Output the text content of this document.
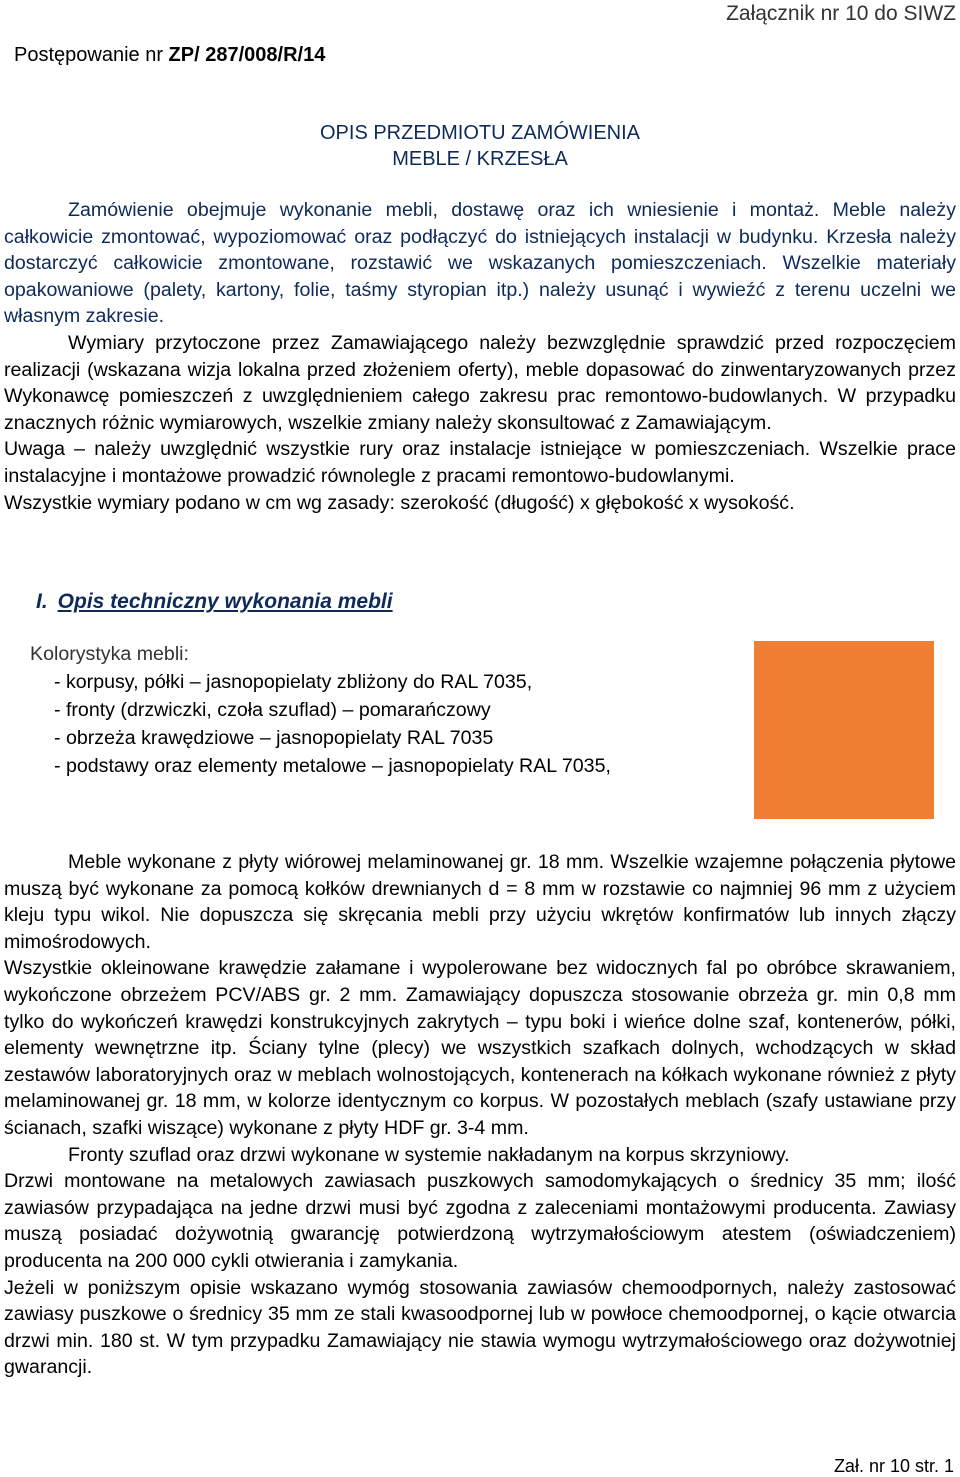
Postępowanie nr ZP/ 287/008/R/14
Załącznik nr 10 do SIWZ
OPIS PRZEDMIOTU ZAMÓWIENIA
MEBLE / KRZESŁA

Zamówienie obejmuje wykonanie mebli, dostawę oraz ich wniesienie i montaż. Meble należy całkowicie zmontować, wypoziomować oraz podłączyć do istniejących instalacji w budynku. Krzesła należy dostarczyć całkowicie zmontowane, rozstawić we wskazanych pomieszczeniach. Wszelkie materiały opakowaniowe (palety, kartony, folie, taśmy styropian itp.) należy usunąć i wywieźć z terenu uczelni we własnym zakresie.

Wymiary przytoczone przez Zamawiającego należy bezwzględnie sprawdzić przed rozpoczęciem realizacji (wskazana wizja lokalna przed złożeniem oferty), meble dopasować do zinwentaryzowanych przez Wykonawcę pomieszczeń z uwzględnieniem całego zakresu prac remontowo-budowlanych. W przypadku znacznych różnic wymiarowych, wszelkie zmiany należy skonsultować z Zamawiającym.

Uwaga – należy uwzględnić wszystkie rury oraz instalacje istniejące w pomieszczeniach. Wszelkie prace instalacyjne i montażowe prowadzić równolegle z pracami remontowo-budowlanymi.

Wszystkie wymiary podano w cm wg zasady: szerokość (długość) x głębokość x wysokość.

I. Opis techniczny wykonania mebli
Kolorystyka mebli:
- korpusy, półki – jasnopopielaty zbliżony do RAL 7035,
- fronty (drzwiczki, czoła szuflad) – pomarańczowy
- obrzeża krawędziowe – jasnopopielaty RAL 7035
- podstawy oraz elementy metalowe – jasnopopielaty RAL 7035,

Meble wykonane z płyty wiórowej melaminowanej gr. 18 mm. Wszelkie wzajemne połączenia płytowe muszą być wykonane za pomocą kołków drewnianych d = 8 mm w rozstawie co najmniej 96 mm z użyciem kleju typu wikol. Nie dopuszcza się skręcania mebli przy użyciu wkrętów konfirmatów lub innych złączy mimośrodowych.

Wszystkie okleinowane krawędzie załamane i wypolerowane bez widocznych fal po obróbce skrawaniem, wykończone obrzeżem PCV/ABS gr. 2 mm. Zamawiający dopuszcza stosowanie obrzeża gr. min 0,8 mm tylko do wykończeń krawędzi konstrukcyjnych zakrytych – typu boki i wieńce dolne szaf, kontenerów, półki, elementy wewnętrzne itp. Ściany tylne (plecy) we wszystkich szafkach dolnych, wchodzących w skład zestawów laboratoryjnych oraz w meblach wolnostojących, kontenerach na kółkach wykonane również z płyty melaminowanej gr. 18 mm, w kolorze identycznym co korpus. W pozostałych meblach (szafy ustawiane przy ścianach, szafki wiszące) wykonane z płyty HDF gr. 3-4 mm.

Fronty szuflad oraz drzwi wykonane w systemie nakładanym na korpus skrzyniowy.

Drzwi montowane na metalowych zawiasach puszkowych samodomykających o średnicy 35 mm; ilość zawiasów przypadająca na jedne drzwi musi być zgodna z zaleceniami montażowymi producenta. Zawiasy muszą posiadać dożywotnią gwarancję potwierdzoną wytrzymałościowym atestem (oświadczeniem) producenta na 200 000 cykli otwierania i zamykania.

Jeżeli w poniższym opisie wskazano wymóg stosowania zawiasów chemoodpornych, należy zastosować zawiasy puszkowe o średnicy 35 mm ze stali kwasoodpornej lub w powłoce chemoodpornej, o kącie otwarcia drzwi min. 180 st. W tym przypadku Zamawiający nie stawia wymogu wytrzymałościowego oraz dożywotniej gwarancji.

Zał. nr 10 str. 1
